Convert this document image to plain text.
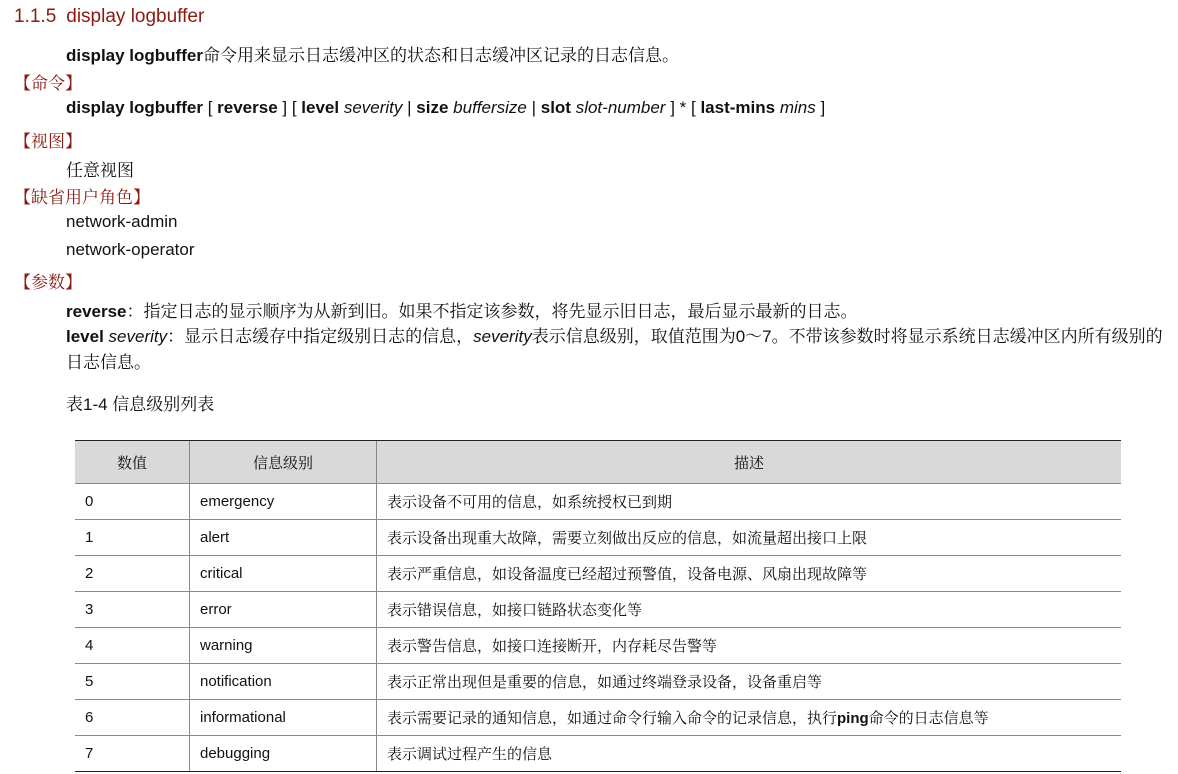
1.1.5 display logbuffer
display logbuffer命令用来显示日志缓冲区的状态和日志缓冲区记录的日志信息。
【命令】
display logbuffer [ reverse ] [ level severity | size buffersize | slot slot-number ] * [ last-mins mins ]
【视图】
任意视图
【缺省用户角色】
network-admin
network-operator
【参数】
reverse：指定日志的显示顺序为从新到旧。如果不指定该参数，将先显示旧日志，最后显示最新的日志。
level severity：显示日志缓存中指定级别日志的信息，severity表示信息级别，取值范围为0～7。不带该参数时将显示系统日志缓冲区内所有级别的日志信息。
表1-4 信息级别列表
数值	信息级别	描述
0	emergency	表示设备不可用的信息，如系统授权已到期
1	alert	表示设备出现重大故障，需要立刻做出反应的信息，如流量超出接口上限
2	critical	表示严重信息，如设备温度已经超过预警值，设备电源、风扇出现故障等
3	error	表示错误信息，如接口链路状态变化等
4	warning	表示警告信息，如接口连接断开，内存耗尽告警等
5	notification	表示正常出现但是重要的信息，如通过终端登录设备，设备重启等
6	informational	表示需要记录的通知信息，如通过命令行输入命令的记录信息，执行ping命令的日志信息等
7	debugging	表示调试过程产生的信息
